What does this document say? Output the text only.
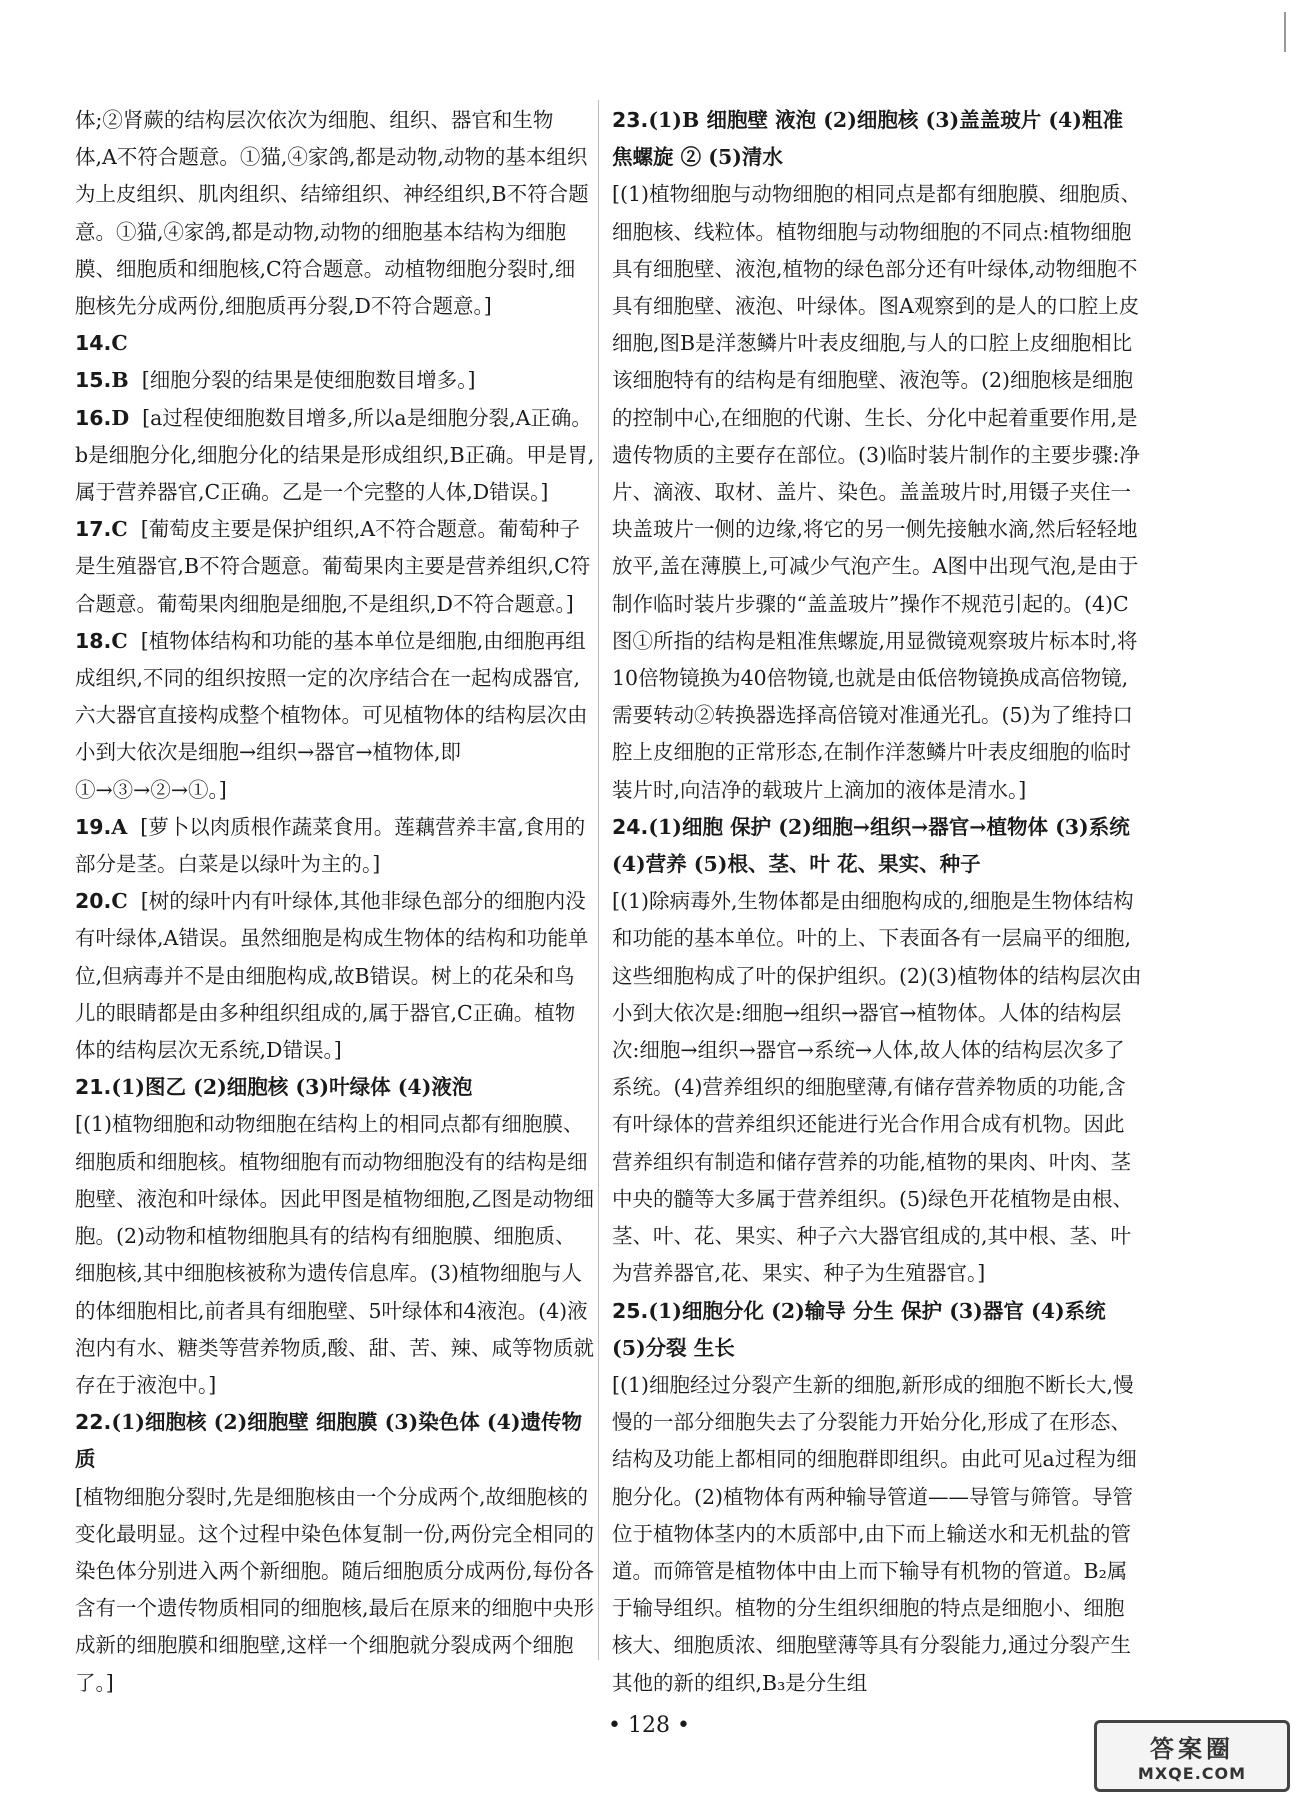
体;②肾蕨的结构层次依次为细胞、组织、器官和生物体,A不符合题意。①猫,④家鸽,都是动物,动物的基本组织为上皮组织、肌肉组织、结缔组织、神经组织,B不符合题意。①猫,④家鸽,都是动物,动物的细胞基本结构为细胞膜、细胞质和细胞核,C符合题意。动植物细胞分裂时,细胞核先分成两份,细胞质再分裂,D不符合题意。]

14.C

15.B [细胞分裂的结果是使细胞数目增多。]

16.D [a过程使细胞数目增多,所以a是细胞分裂,A正确。b是细胞分化,细胞分化的结果是形成组织,B正确。甲是胃,属于营养器官,C正确。乙是一个完整的人体,D错误。]

17.C [葡萄皮主要是保护组织,A不符合题意。葡萄种子是生殖器官,B不符合题意。葡萄果肉主要是营养组织,C符合题意。葡萄果肉细胞是细胞,不是组织,D不符合题意。]

18.C [植物体结构和功能的基本单位是细胞,由细胞再组成组织,不同的组织按照一定的次序结合在一起构成器官,六大器官直接构成整个植物体。可见植物体的结构层次由小到大依次是细胞→组织→器官→植物体,即①→③→②→①。]

19.A [萝卜以肉质根作蔬菜食用。莲藕营养丰富,食用的部分是茎。白菜是以绿叶为主的。]

20.C [树的绿叶内有叶绿体,其他非绿色部分的细胞内没有叶绿体,A错误。虽然细胞是构成生物体的结构和功能单位,但病毒并不是由细胞构成,故B错误。树上的花朵和鸟儿的眼睛都是由多种组织组成的,属于器官,C正确。植物体的结构层次无系统,D错误。]

21.(1)图乙 (2)细胞核 (3)叶绿体 (4)液泡

[(1)植物细胞和动物细胞在结构上的相同点都有细胞膜、细胞质和细胞核。植物细胞有而动物细胞没有的结构是细胞壁、液泡和叶绿体。因此甲图是植物细胞,乙图是动物细胞。(2)动物和植物细胞具有的结构有细胞膜、细胞质、细胞核,其中细胞核被称为遗传信息库。(3)植物细胞与人的体细胞相比,前者具有细胞壁、5叶绿体和4液泡。(4)液泡内有水、糖类等营养物质,酸、甜、苦、辣、咸等物质就存在于液泡中。]

22.(1)细胞核 (2)细胞壁 细胞膜 (3)染色体 (4)遗传物质

[植物细胞分裂时,先是细胞核由一个分成两个,故细胞核的变化最明显。这个过程中染色体复制一份,两份完全相同的染色体分别进入两个新细胞。随后细胞质分成两份,每份各含有一个遗传物质相同的细胞核,最后在原来的细胞中央形成新的细胞膜和细胞壁,这样一个细胞就分裂成两个细胞了。]

23.(1)B 细胞壁 液泡 (2)细胞核 (3)盖盖玻片 (4)粗准焦螺旋 ② (5)清水

[(1)植物细胞与动物细胞的相同点是都有细胞膜、细胞质、细胞核、线粒体。植物细胞与动物细胞的不同点:植物细胞具有细胞壁、液泡,植物的绿色部分还有叶绿体,动物细胞不具有细胞壁、液泡、叶绿体。图A观察到的是人的口腔上皮细胞,图B是洋葱鳞片叶表皮细胞,与人的口腔上皮细胞相比该细胞特有的结构是有细胞壁、液泡等。(2)细胞核是细胞的控制中心,在细胞的代谢、生长、分化中起着重要作用,是遗传物质的主要存在部位。(3)临时装片制作的主要步骤:净片、滴液、取材、盖片、染色。盖盖玻片时,用镊子夹住一块盖玻片一侧的边缘,将它的另一侧先接触水滴,然后轻轻地放平,盖在薄膜上,可减少气泡产生。A图中出现气泡,是由于制作临时装片步骤的“盖盖玻片”操作不规范引起的。(4)C图①所指的结构是粗准焦螺旋,用显微镜观察玻片标本时,将10倍物镜换为40倍物镜,也就是由低倍物镜换成高倍物镜,需要转动②转换器选择高倍镜对准通光孔。(5)为了维持口腔上皮细胞的正常形态,在制作洋葱鳞片叶表皮细胞的临时装片时,向洁净的载玻片上滴加的液体是清水。]

24.(1)细胞 保护 (2)细胞→组织→器官→植物体 (3)系统 (4)营养 (5)根、茎、叶 花、果实、种子

[(1)除病毒外,生物体都是由细胞构成的,细胞是生物体结构和功能的基本单位。叶的上、下表面各有一层扁平的细胞,这些细胞构成了叶的保护组织。(2)(3)植物体的结构层次由小到大依次是:细胞→组织→器官→植物体。人体的结构层次:细胞→组织→器官→系统→人体,故人体的结构层次多了系统。(4)营养组织的细胞壁薄,有储存营养物质的功能,含有叶绿体的营养组织还能进行光合作用合成有机物。因此营养组织有制造和储存营养的功能,植物的果肉、叶肉、茎中央的髓等大多属于营养组织。(5)绿色开花植物是由根、茎、叶、花、果实、种子六大器官组成的,其中根、茎、叶为营养器官,花、果实、种子为生殖器官。]

25.(1)细胞分化 (2)输导 分生 保护 (3)器官 (4)系统 (5)分裂 生长

[(1)细胞经过分裂产生新的细胞,新形成的细胞不断长大,慢慢的一部分细胞失去了分裂能力开始分化,形成了在形态、结构及功能上都相同的细胞群即组织。由此可见a过程为细胞分化。(2)植物体有两种输导管道——导管与筛管。导管位于植物体茎内的木质部中,由下而上输送水和无机盐的管道。而筛管是植物体中由上而下输导有机物的管道。B₂属于输导组织。植物的分生组织细胞的特点是细胞小、细胞核大、细胞质浓、细胞壁薄等具有分裂能力,通过分裂产生其他的新的组织,B₃是分生组

• 128 •
答案圈
MXQE.COM
